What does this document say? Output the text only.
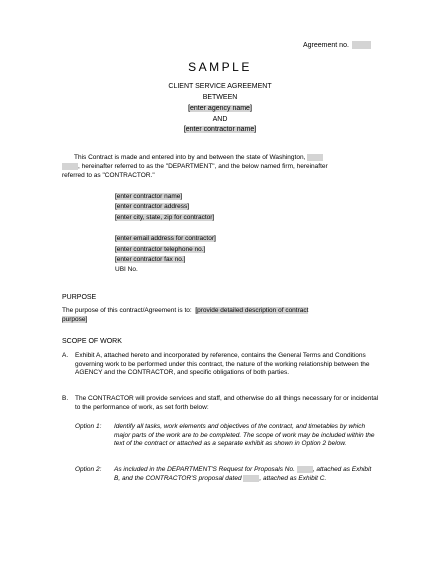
Agreement no.
SAMPLE
CLIENT SERVICE AGREEMENT
BETWEEN
[enter agency name]
AND
[enter contractor name]
This Contract is made and entered into by and between the state of Washington,
, hereinafter referred to as the "DEPARTMENT", and the below named firm, hereinafter
referred to as "CONTRACTOR."
[enter contractor name]
[enter contractor address]
[enter city, state, zip for contractor]
[enter email address for contractor]
[enter contractor telephone no.]
[enter contractor fax no.]
UBI No.
PURPOSE
The purpose of this contract/Agreement is to: [provide detailed description of contract
purpose]
SCOPE OF WORK
A.	Exhibit A, attached hereto and incorporated by reference, contains the General Terms and Conditions governing work to be performed under this contract, the nature of the working relationship between the AGENCY and the CONTRACTOR, and specific obligations of both parties.
B.	The CONTRACTOR will provide services and staff, and otherwise do all things necessary for or incidental to the performance of work, as set forth below:
Option 1:	Identify all tasks, work elements and objectives of the contract, and timetables by which major parts of the work are to be completed. The scope of work may be included within the text of the contract or attached as a separate exhibit as shown in Option 2 below.
Option 2:	As included in the DEPARTMENT'S Request for Proposals No.	, attached as Exhibit B, and the CONTRACTOR'S proposal dated	, attached as Exhibit C.
